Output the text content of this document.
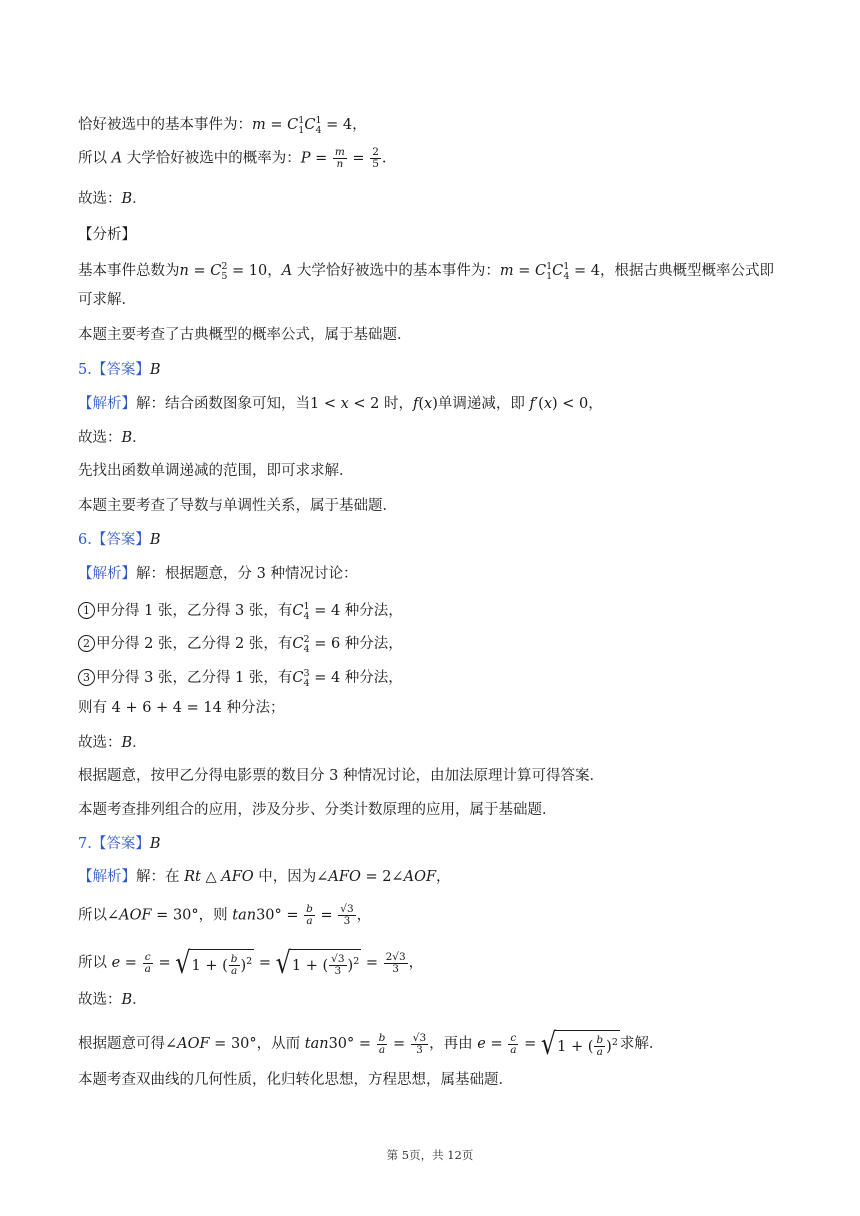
恰好被选中的基本事件为：$m = C^1_1C^1_4 = 4$，
所以 A 大学恰好被选中的概率为：$P = \frac{m}{n} = \frac{2}{5}$ .
故选：B．
【分析】
基本事件总数为$n = C^2_5 = 10$，A 大学恰好被选中的基本事件为：$m = C^1_1C^1_4 = 4$，根据古典概型概率公式即
可求解．
本题主要考查了古典概型的概率公式，属于基础题．
5.【答案】B
【解析】解：结合函数图象可知，当1 < x < 2 时，f(x)单调递减，即 f′(x) < 0，
故选：B．
先找出函数单调递减的范围，即可求求解．
本题主要考查了导数与单调性关系，属于基础题．
6.【答案】B
【解析】解：根据题意，分 3 种情况讨论：
1 甲分得 1 张，乙分得 3 张，有$C^1_4 = 4$ 种分法，
2 甲分得 2 张，乙分得 2 张，有$C^2_4 = 6$ 种分法，
3 甲分得 3 张，乙分得 1 张，有$C^3_4 = 4$ 种分法，
则有 4 + 6 + 4 = 14 种分法；
故选：B．
根据题意，按甲乙分得电影票的数目分 3 种情况讨论，由加法原理计算可得答案．
本题考查排列组合的应用，涉及分步、分类计数原理的应用，属于基础题．
7.【答案】B
【解析】解：在 Rt △ AFO 中，因为∠AFO = 2∠AOF，
所以∠AOF = 30°，则 $\tan 30^\circ = \frac{b}{a} = \frac{√3}{3}$ ，
所以 $e = \frac{c}{a} = √1$ + ( $\frac{b}{a} )^2 = √1$ + ( $\frac{√3}{3} )^2 = \frac{2√3}{3}$ ，
故选：B．
根据题意可得∠AOF = 30°，从而 $\tan 30^\circ = \frac{b}{a} = \frac{√3}{3}$ ，再由 $e = \frac{c}{a} = √1$ + ( $\frac{b}{a} )^2$ 求解．
本题考查双曲线的几何性质，化归转化思想，方程思想，属基础题．
第 5页，共 12页
